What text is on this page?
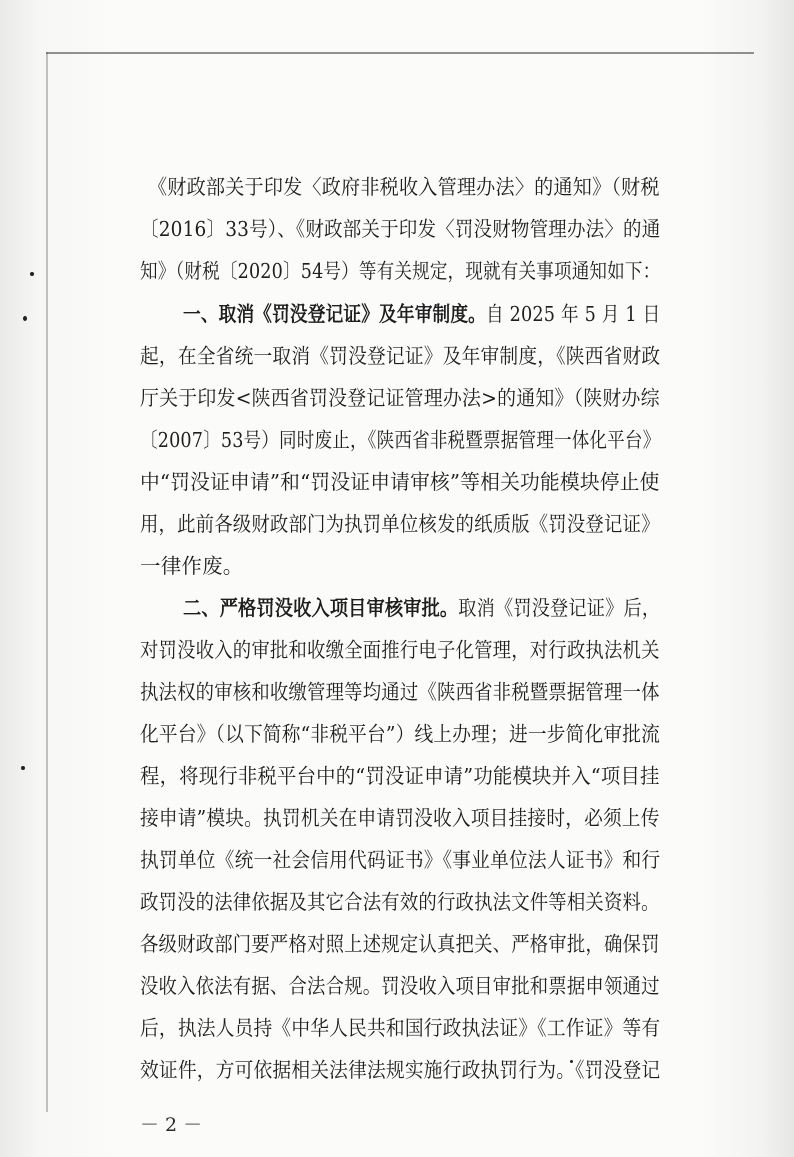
《财政部关于印发〈政府非税收入管理办法〉的通知》（财税
〔2016〕33号）、《财政部关于印发〈罚没财物管理办法〉的通
知》（财税〔2020〕54号）等有关规定，现就有关事项通知如下：
一、取消《罚没登记证》及年审制度。自 2025 年 5 月 1 日
起，在全省统一取消《罚没登记证》及年审制度，《陕西省财政
厅关于印发<陕西省罚没登记证管理办法>的通知》（陕财办综
〔2007〕53号）同时废止，《陕西省非税暨票据管理一体化平台》
中“罚没证申请”和“罚没证申请审核”等相关功能模块停止使
用，此前各级财政部门为执罚单位核发的纸质版《罚没登记证》
一律作废。
二、严格罚没收入项目审核审批。取消《罚没登记证》后，
对罚没收入的审批和收缴全面推行电子化管理，对行政执法机关
执法权的审核和收缴管理等均通过《陕西省非税暨票据管理一体
化平台》（以下简称“非税平台”）线上办理；进一步简化审批流
程，将现行非税平台中的“罚没证申请”功能模块并入“项目挂
接申请”模块。执罚机关在申请罚没收入项目挂接时，必须上传
执罚单位《统一社会信用代码证书》《事业单位法人证书》和行
政罚没的法律依据及其它合法有效的行政执法文件等相关资料。
各级财政部门要严格对照上述规定认真把关、严格审批，确保罚
没收入依法有据、合法合规。罚没收入项目审批和票据申领通过
后，执法人员持《中华人民共和国行政执法证》《工作证》等有
效证件，方可依据相关法律法规实施行政执罚行为。《罚没登记
－ 2 －
